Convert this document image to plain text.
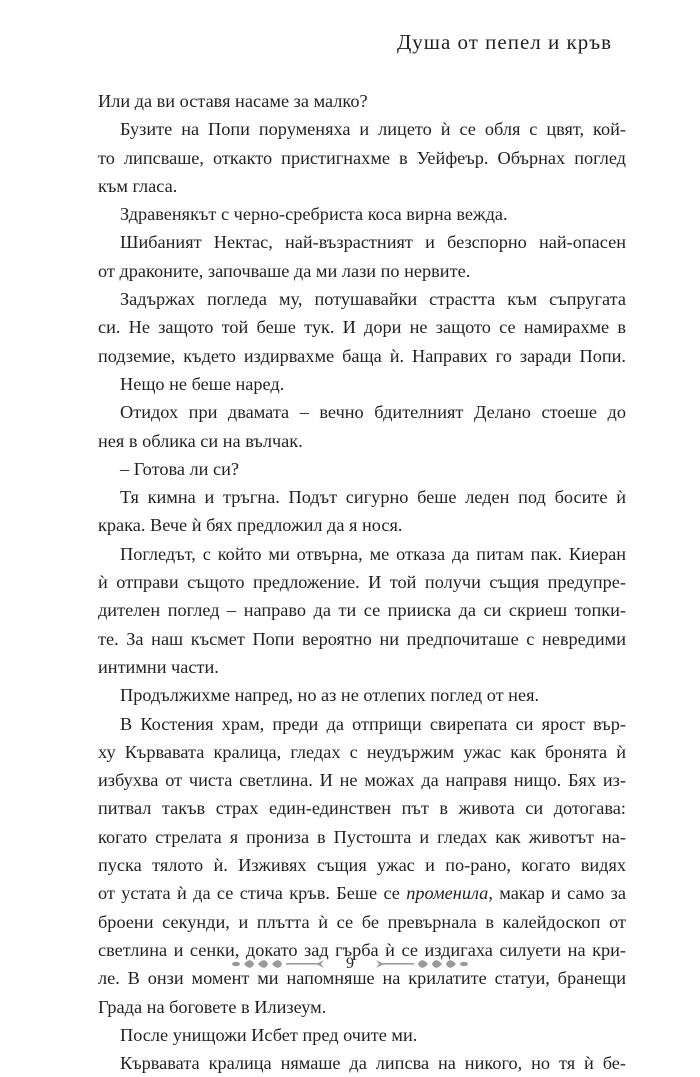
Душа от пепел и кръв
Или да ви оставя насаме за малко?
Бузите на Попи поруменяха и лицето ѝ се обля с цвят, кой-
то липсваше, откакто пристигнахме в Уейфеър. Обърнах поглед
към гласа.
Здравенякът с черно-сребриста коса вирна вежда.
Шибаният Нектас, най-възрастният и безспорно най-опасен
от драконите, започваше да ми лази по нервите.
Задържах погледа му, потушавайки страстта към съпругата
си. Не защото той беше тук. И дори не защото се намирахме в
подземие, където издирвахме баща ѝ. Направих го заради Попи.
Нещо не беше наред.
Отидох при двамата – вечно бдителният Делано стоеше до
нея в облика си на вълчак.
– Готова ли си?
Тя кимна и тръгна. Подът сигурно беше леден под босите ѝ
крака. Вече ѝ бях предложил да я нося.
Погледът, с който ми отвърна, ме отказа да питам пак. Киеран
ѝ отправи същото предложение. И той получи същия предупре-
дителен поглед – направо да ти се прииска да си скриеш топки-
те. За наш късмет Попи вероятно ни предпочиташе с невредими
интимни части.
Продължихме напред, но аз не отлепих поглед от нея.
В Костения храм, преди да отприщи свирепата си ярост вър-
ху Кървавата кралица, гледах с неудържим ужас как бронята ѝ
избухва от чиста светлина. И не можах да направя нищо. Бях из-
питвал такъв страх един-единствен път в живота си дотогава:
когато стрелата я прониза в Пустошта и гледах как животът на-
пуска тялото ѝ. Изживях същия ужас и по-рано, когато видях
от устата ѝ да се стича кръв. Беше се променила, макар и само за
броени секунди, и плътта ѝ се бе превърнала в калейдоскоп от
светлина и сенки, докато зад гърба ѝ се издигаха силуети на кри-
ле. В онзи момент ми напомняше на крилатите статуи, бранещи
Града на боговете в Илизеум.
После унищожи Исбет пред очите ми.
Кървавата кралица нямаше да липсва на никого, но тя ѝ бе-
9
